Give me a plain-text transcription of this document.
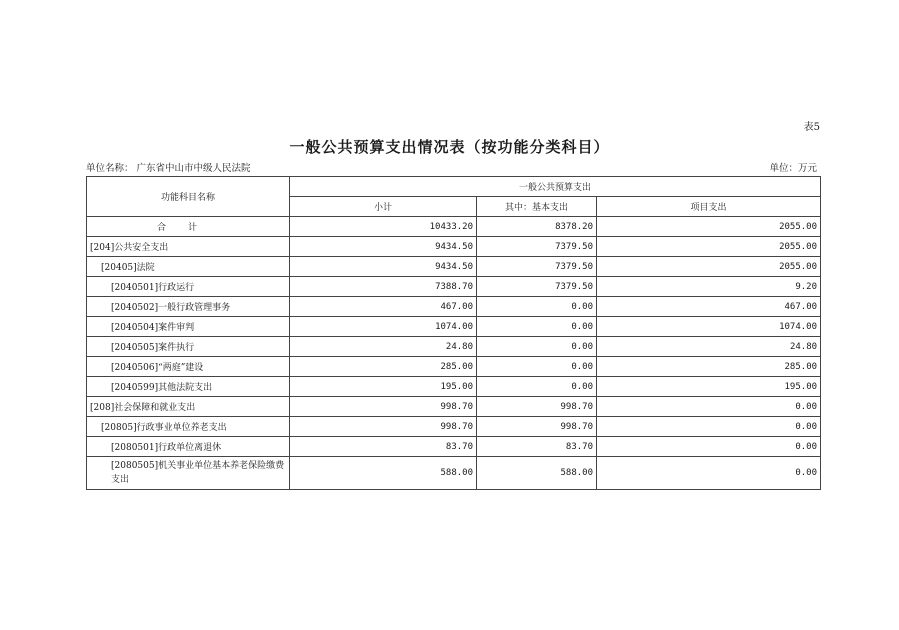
表5
一般公共预算支出情况表（按功能分类科目）
单位名称： 广东省中山市中级人民法院	单位：万元
功能科目名称	一般公共预算支出		
	小计	其中：基本支出	项目支出
合计	10433.20	8378.20	2055.00
[204]公共安全支出	9434.50	7379.50	2055.00
[20405]法院	9434.50	7379.50	2055.00
[2040501]行政运行	7388.70	7379.50	9.20
[2040502]一般行政管理事务	467.00	0.00	467.00
[2040504]案件审判	1074.00	0.00	1074.00
[2040505]案件执行	24.80	0.00	24.80
[2040506]“两庭”建设	285.00	0.00	285.00
[2040599]其他法院支出	195.00	0.00	195.00
[208]社会保障和就业支出	998.70	998.70	0.00
[20805]行政事业单位养老支出	998.70	998.70	0.00
[2080501]行政单位离退休	83.70	83.70	0.00
[2080505]机关事业单位基本养老保险缴费支出	588.00	588.00	0.00
